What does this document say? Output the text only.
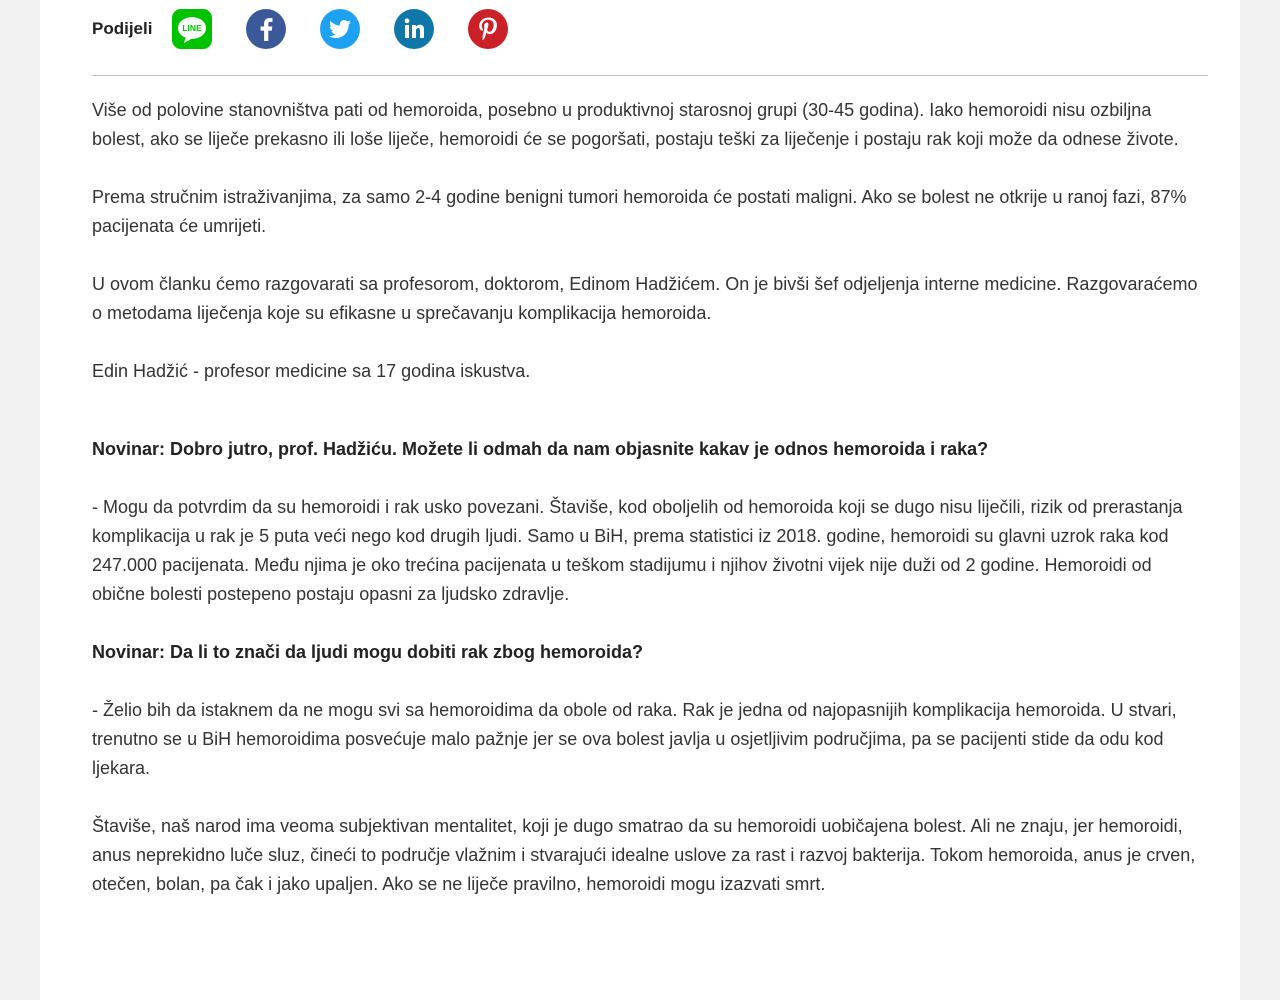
Podijeli	LINE

Više od polovine stanovništva pati od hemoroida, posebno u produktivnoj starosnoj grupi (30-45 godina). Iako hemoroidi nisu ozbiljna bolest, ako se liječe prekasno ili loše liječe, hemoroidi će se pogoršati, postaju teški za liječenje i postaju rak koji može da odnese živote.

Prema stručnim istraživanjima, za samo 2-4 godine benigni tumori hemoroida će postati maligni. Ako se bolest ne otkrije u ranoj fazi, 87% pacijenata će umrijeti.

U ovom članku ćemo razgovarati sa profesorom, doktorom, Edinom Hadžićem. On je bivši šef odjeljenja interne medicine. Razgovaraćemo o metodama liječenja koje su efikasne u sprečavanju komplikacija hemoroida.

Edin Hadžić - profesor medicine sa 17 godina iskustva.

Novinar: Dobro jutro, prof. Hadžiću. Možete li odmah da nam objasnite kakav je odnos hemoroida i raka?

- Mogu da potvrdim da su hemoroidi i rak usko povezani. Štaviše, kod oboljelih od hemoroida koji se dugo nisu liječili, rizik od prerastanja komplikacija u rak je 5 puta veći nego kod drugih ljudi. Samo u BiH, prema statistici iz 2018. godine, hemoroidi su glavni uzrok raka kod 247.000 pacijenata. Među njima je oko trećina pacijenata u teškom stadijumu i njihov životni vijek nije duži od 2 godine. Hemoroidi od obične bolesti postepeno postaju opasni za ljudsko zdravlje.

Novinar: Da li to znači da ljudi mogu dobiti rak zbog hemoroida?

- Želio bih da istaknem da ne mogu svi sa hemoroidima da obole od raka. Rak je jedna od najopasnijih komplikacija hemoroida. U stvari, trenutno se u BiH hemoroidima posvećuje malo pažnje jer se ova bolest javlja u osjetljivim područjima, pa se pacijenti stide da odu kod ljekara.

Štaviše, naš narod ima veoma subjektivan mentalitet, koji je dugo smatrao da su hemoroidi uobičajena bolest. Ali ne znaju, jer hemoroidi, anus neprekidno luče sluz, čineći to područje vlažnim i stvarajući idealne uslove za rast i razvoj bakterija. Tokom hemoroida, anus je crven, otečen, bolan, pa čak i jako upaljen. Ako se ne liječe pravilno, hemoroidi mogu izazvati smrt.
